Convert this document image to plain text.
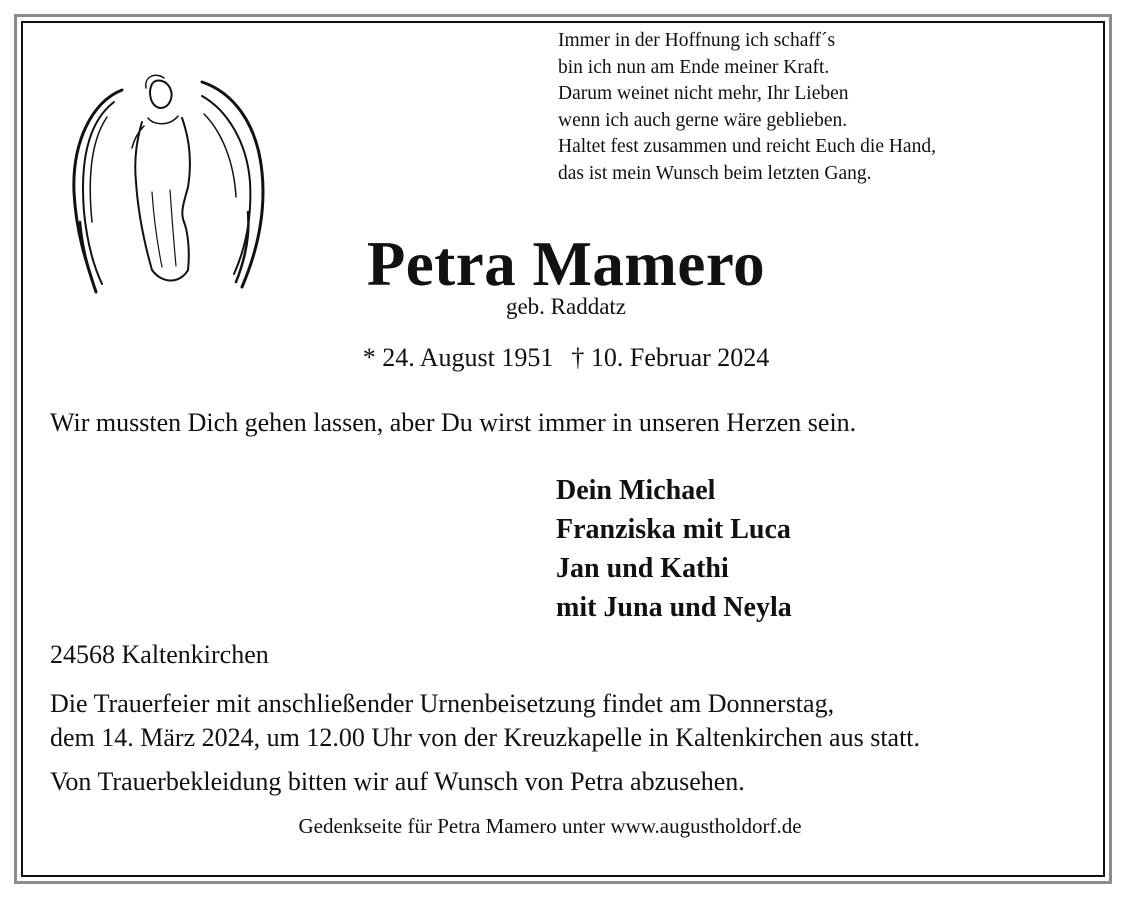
Immer in der Hoffnung ich schaff´s
bin ich nun am Ende meiner Kraft.
Darum weinet nicht mehr, Ihr Lieben
wenn ich auch gerne wäre geblieben.
Haltet fest zusammen und reicht Euch die Hand,
das ist mein Wunsch beim letzten Gang.
Petra Mamero
geb. Raddatz
* 24. August 1951 † 10. Februar 2024
Wir mussten Dich gehen lassen, aber Du wirst immer in unseren Herzen sein.
Dein Michael
Franziska mit Luca
Jan und Kathi
mit Juna und Neyla
24568 Kaltenkirchen
Die Trauerfeier mit anschließender Urnenbeisetzung findet am Donnerstag,
dem 14. März 2024, um 12.00 Uhr von der Kreuzkapelle in Kaltenkirchen aus statt.
Von Trauerbekleidung bitten wir auf Wunsch von Petra abzusehen.
Gedenkseite für Petra Mamero unter www.augustholdorf.de
